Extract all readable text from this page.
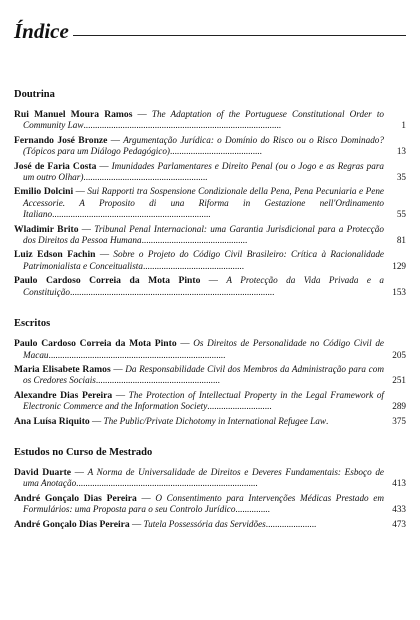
Índice
Doutrina
Rui Manuel Moura Ramos — The Adaptation of the Portuguese Constitutional Order to Community Law......................................................................................	1
Fernando José Bronze — Argumentação Jurídica: o Domínio do Risco ou o Risco Dominado? (Tópicos para um Diálogo Pedagógico)........................................	13
José de Faria Costa — Imunidades Parlamentares e Direito Penal (ou o Jogo e as Regras para um outro Olhar)......................................................	35
Emilio Dolcini — Sui Rapporti tra Sospensione Condizionale della Pena, Pena Pecuniaria e Pene Accessorie. A Proposito di una Riforma in Gestazione nell'Ordinamento Italiano.....................................................................	55
Wladimir Brito — Tribunal Penal Internacional: uma Garantia Jurisdicional para a Protecção dos Direitos da Pessoa Humana..............................................	81
Luiz Edson Fachin — Sobre o Projeto do Código Civil Brasileiro: Crítica à Racionalidade Patrimonialista e Conceitualista............................................	129
Paulo Cardoso Correia da Mota Pinto — A Protecção da Vida Privada e a Constituição.........................................................................................	153
Escritos
Paulo Cardoso Correia da Mota Pinto — Os Direitos de Personalidade no Código Civil de Macau.............................................................................	205
Maria Elisabete Ramos — Da Responsabilidade Civil dos Membros da Administração para com os Credores Sociais......................................................	251
Alexandre Dias Pereira — The Protection of Intellectual Property in the Legal Framework of Electronic Commerce and the Information Society............................	289
Ana Luísa Riquito — The Public/Private Dichotomy in International Refugee Law.	375
Estudos no Curso de Mestrado
David Duarte — A Norma de Universalidade de Direitos e Deveres Fundamentais: Esboço de uma Anotação...............................................................................	413
André Gonçalo Dias Pereira — O Consentimento para Intervenções Médicas Prestado em Formulários: uma Proposta para o seu Controlo Jurídico...............	433
André Gonçalo Dias Pereira — Tutela Possessória das Servidões......................	473
